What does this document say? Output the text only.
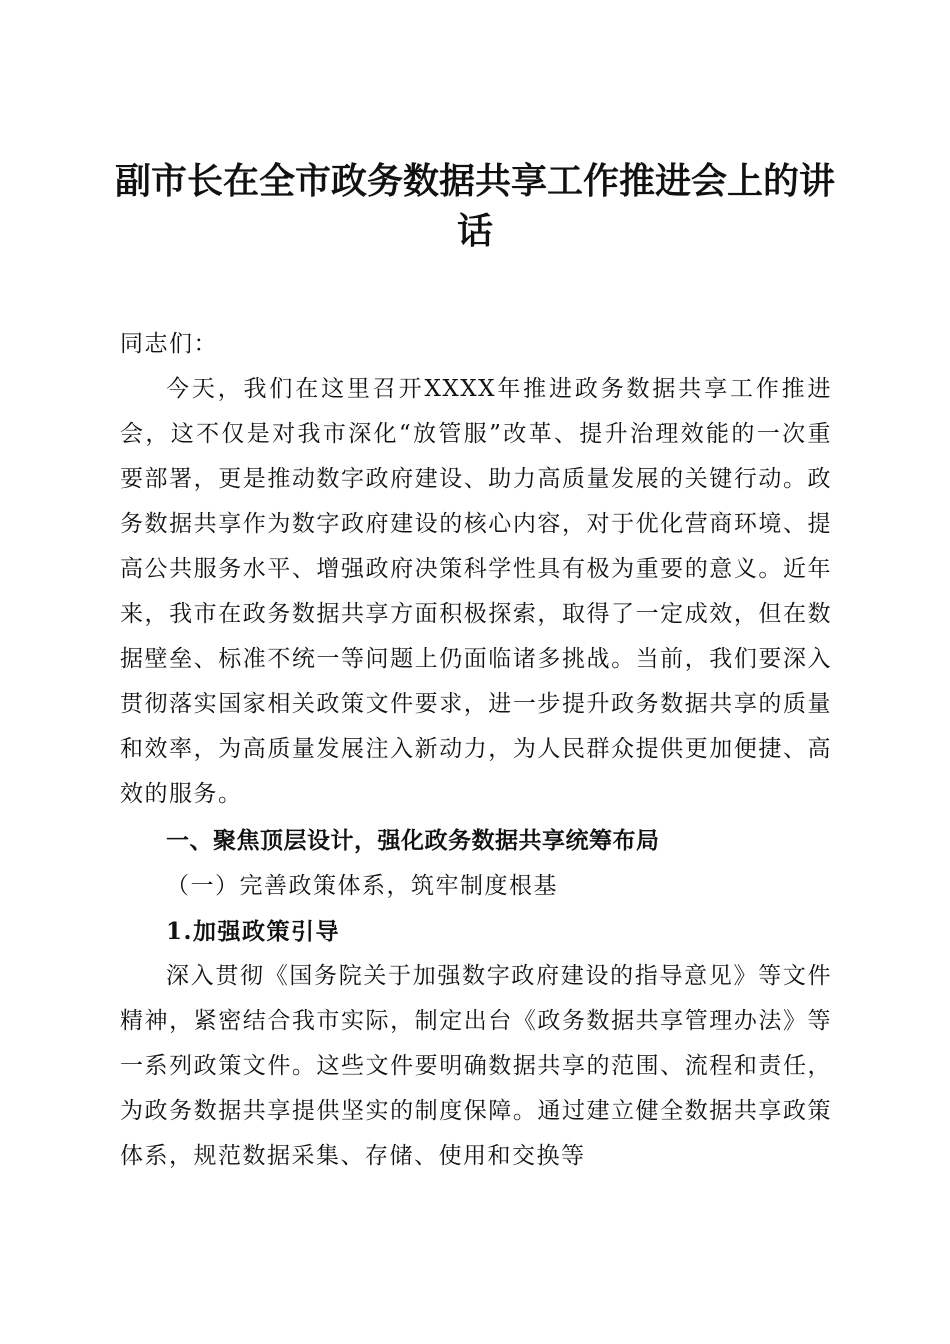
副市长在全市政务数据共享工作推进会上的讲话

同志们：

今天，我们在这里召开XXXX年推进政务数据共享工作推进会，这不仅是对我市深化“放管服”改革、提升治理效能的一次重要部署，更是推动数字政府建设、助力高质量发展的关键行动。政务数据共享作为数字政府建设的核心内容，对于优化营商环境、提高公共服务水平、增强政府决策科学性具有极为重要的意义。近年来，我市在政务数据共享方面积极探索，取得了一定成效，但在数据壁垒、标准不统一等问题上仍面临诸多挑战。当前，我们要深入贯彻落实国家相关政策文件要求，进一步提升政务数据共享的质量和效率，为高质量发展注入新动力，为人民群众提供更加便捷、高效的服务。

一、聚焦顶层设计，强化政务数据共享统筹布局

（一）完善政策体系，筑牢制度根基

1.加强政策引导

深入贯彻《国务院关于加强数字政府建设的指导意见》等文件精神，紧密结合我市实际，制定出台《政务数据共享管理办法》等一系列政策文件。这些文件要明确数据共享的范围、流程和责任，为政务数据共享提供坚实的制度保障。通过建立健全数据共享政策体系，规范数据采集、存储、使用和交换等
